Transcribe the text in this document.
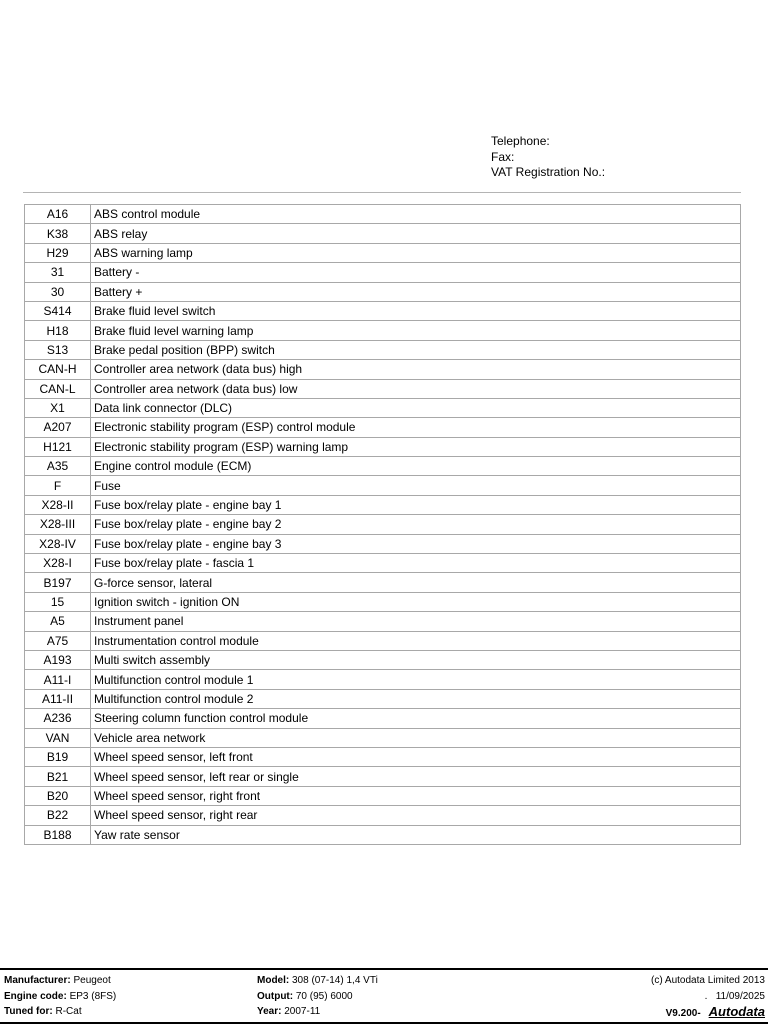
Telephone:
Fax:
VAT Registration No.:
A16	ABS control module
K38	ABS relay
H29	ABS warning lamp
31	Battery -
30	Battery +
S414	Brake fluid level switch
H18	Brake fluid level warning lamp
S13	Brake pedal position (BPP) switch
CAN-H	Controller area network (data bus) high
CAN-L	Controller area network (data bus) low
X1	Data link connector (DLC)
A207	Electronic stability program (ESP) control module
H121	Electronic stability program (ESP) warning lamp
A35	Engine control module (ECM)
F	Fuse
X28-II	Fuse box/relay plate - engine bay 1
X28-III	Fuse box/relay plate - engine bay 2
X28-IV	Fuse box/relay plate - engine bay 3
X28-I	Fuse box/relay plate - fascia 1
B197	G-force sensor, lateral
15	Ignition switch - ignition ON
A5	Instrument panel
A75	Instrumentation control module
A193	Multi switch assembly
A11-I	Multifunction control module 1
A11-II	Multifunction control module 2
A236	Steering column function control module
VAN	Vehicle area network
B19	Wheel speed sensor, left front
B21	Wheel speed sensor, left rear or single
B20	Wheel speed sensor, right front
B22	Wheel speed sensor, right rear
B188	Yaw rate sensor
Manufacturer: Peugeot
Engine code: EP3 (8FS)
Tuned for: R-Cat
Model: 308 (07-14) 1,4 VTi
Output: 70 (95) 6000
Year: 2007-11
(c) Autodata Limited 2013
. 11/09/2025
V9.200- Autodata
